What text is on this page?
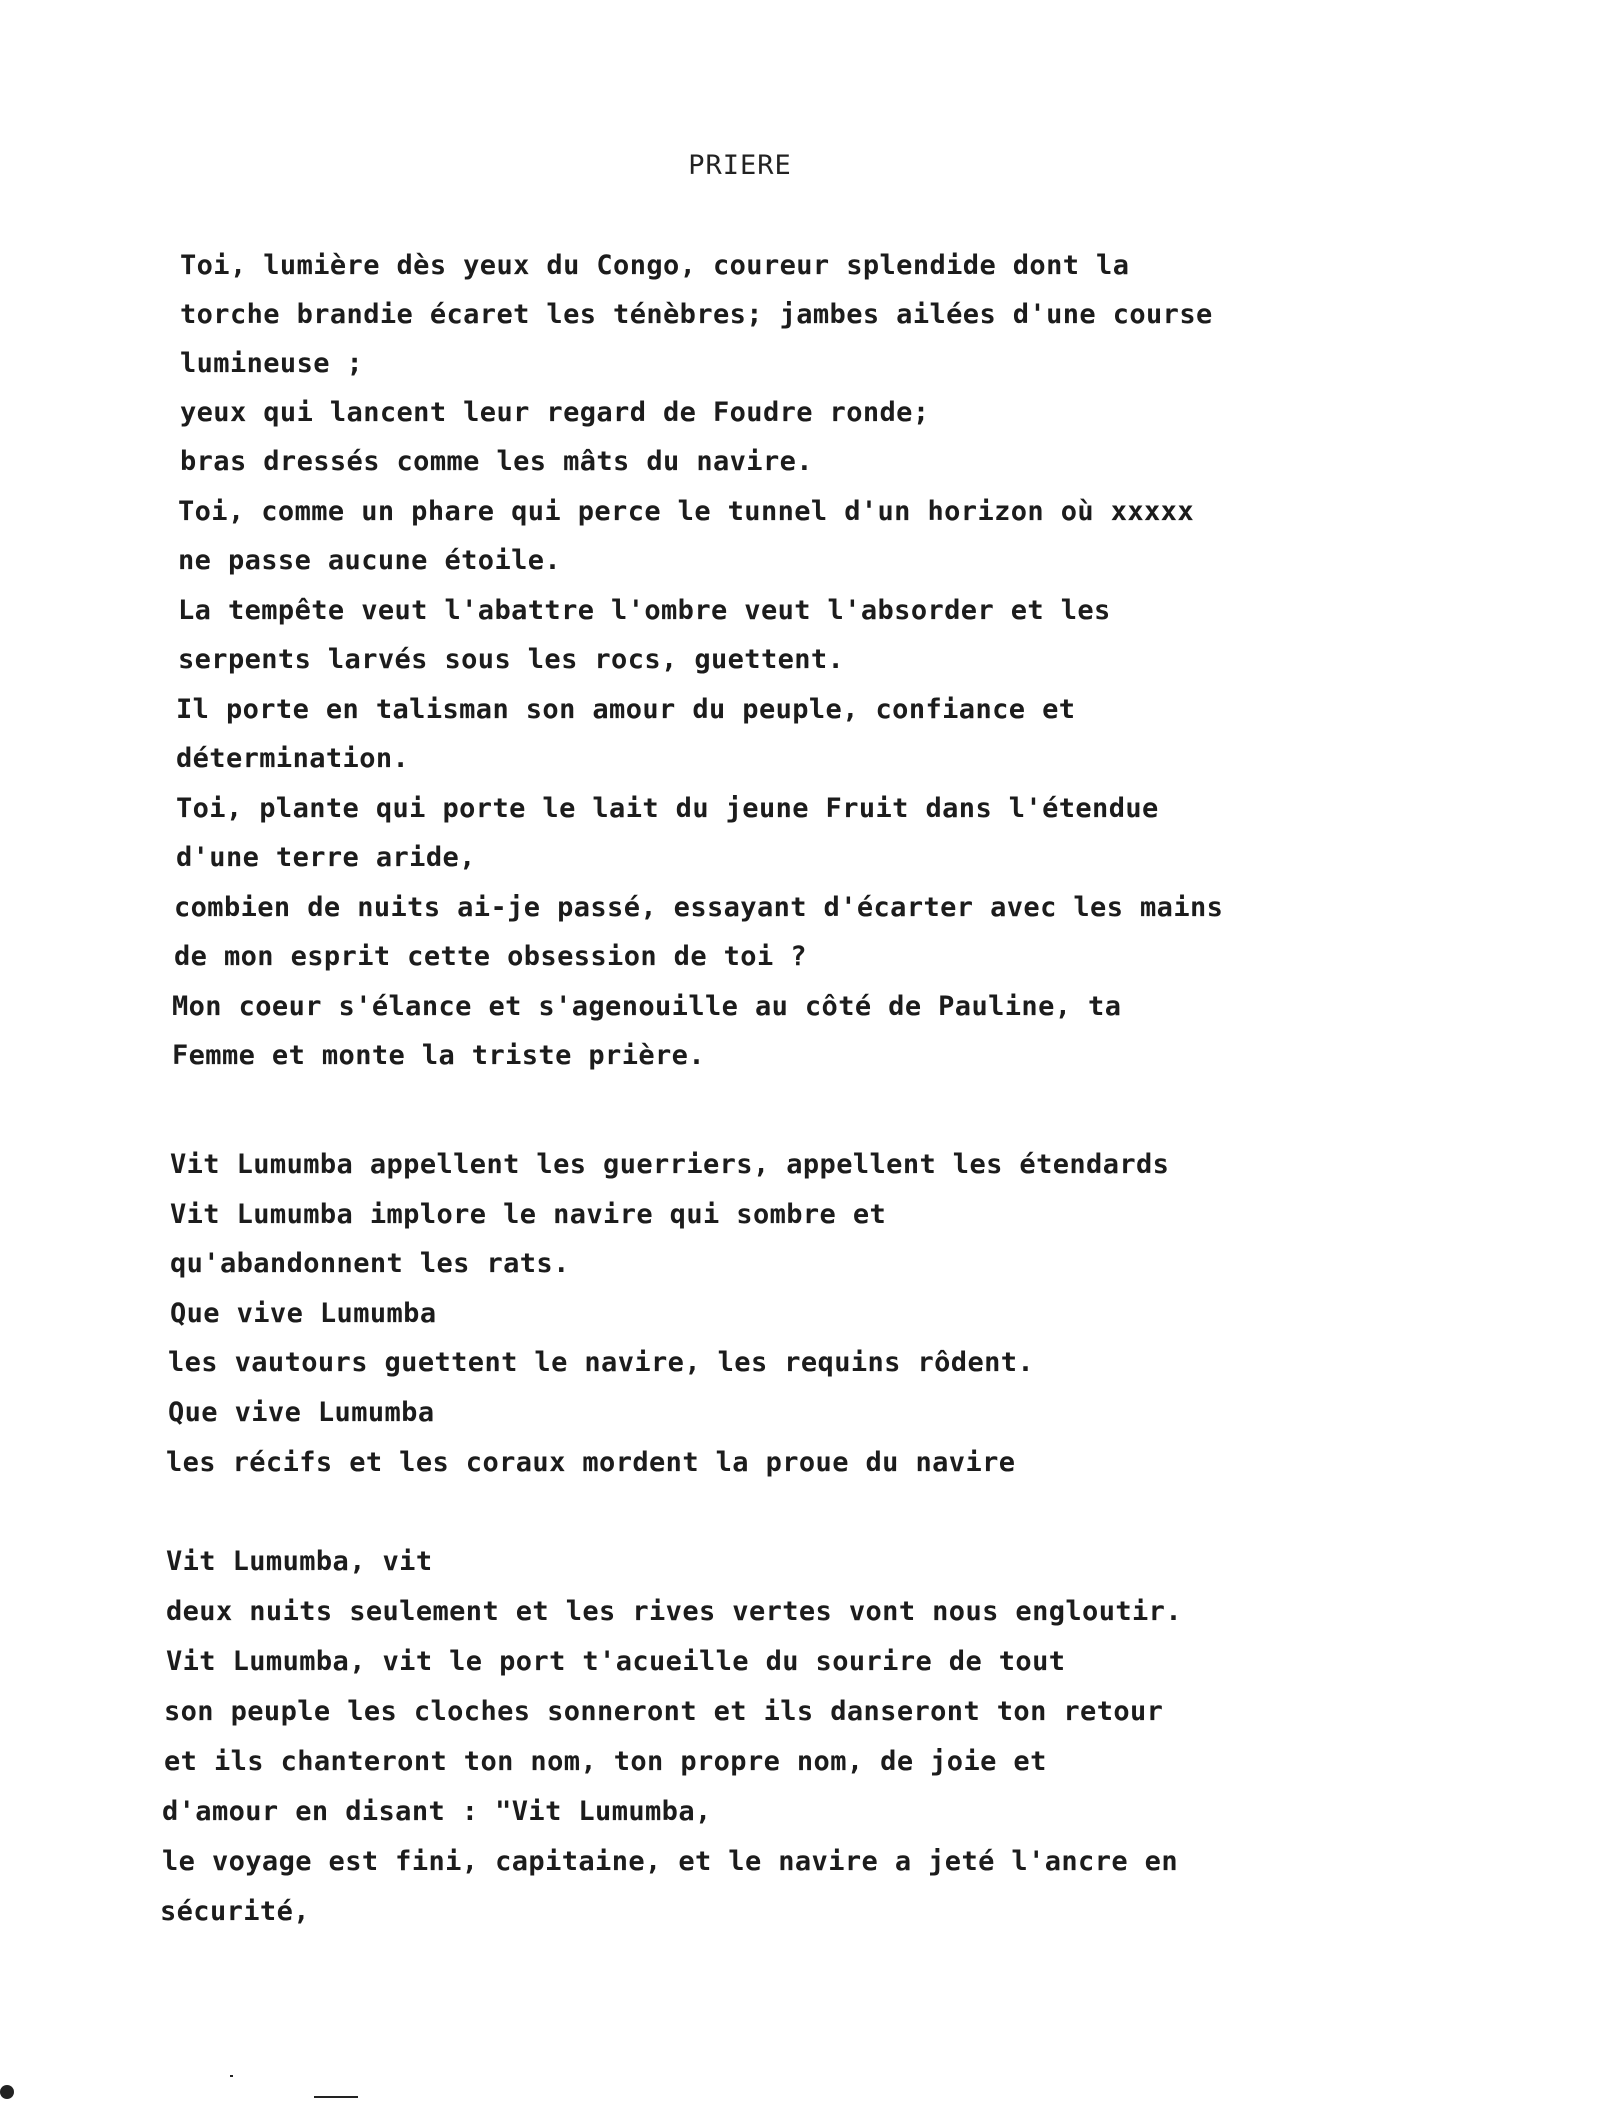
PRIERE
Toi, lumière dès yeux du Congo, coureur splendide dont la
torche brandie écaret les ténèbres; jambes ailées d'une course
lumineuse ;
yeux qui lancent leur regard de Foudre ronde;
bras dressés comme les mâts du navire.
Toi, comme un phare qui perce le tunnel d'un horizon où xxxxx
ne passe aucune étoile.
La tempête veut l'abattre l'ombre veut l'absorder et les
serpents larvés sous les rocs, guettent.
Il porte en talisman son amour du peuple, confiance et
détermination.
Toi, plante qui porte le lait du jeune Fruit dans l'étendue
d'une terre aride,
combien de nuits ai-je passé, essayant d'écarter avec les mains
de mon esprit cette obsession de toi ?
Mon coeur s'élance et s'agenouille au côté de Pauline, ta
Femme et monte la triste prière.
Vit Lumumba appellent les guerriers, appellent les étendards
Vit Lumumba implore le navire qui sombre et
qu'abandonnent les rats.
Que vive Lumumba
les vautours guettent le navire, les requins rôdent.
Que vive Lumumba
les récifs et les coraux mordent la proue du navire
Vit Lumumba, vit
deux nuits seulement et les rives vertes vont nous engloutir.
Vit Lumumba, vit le port t'acueille du sourire de tout
son peuple les cloches sonneront et ils danseront ton retour
et ils chanteront ton nom, ton propre nom, de joie et
d'amour en disant : "Vit Lumumba,
le voyage est fini, capitaine, et le navire a jeté l'ancre en
sécurité,
